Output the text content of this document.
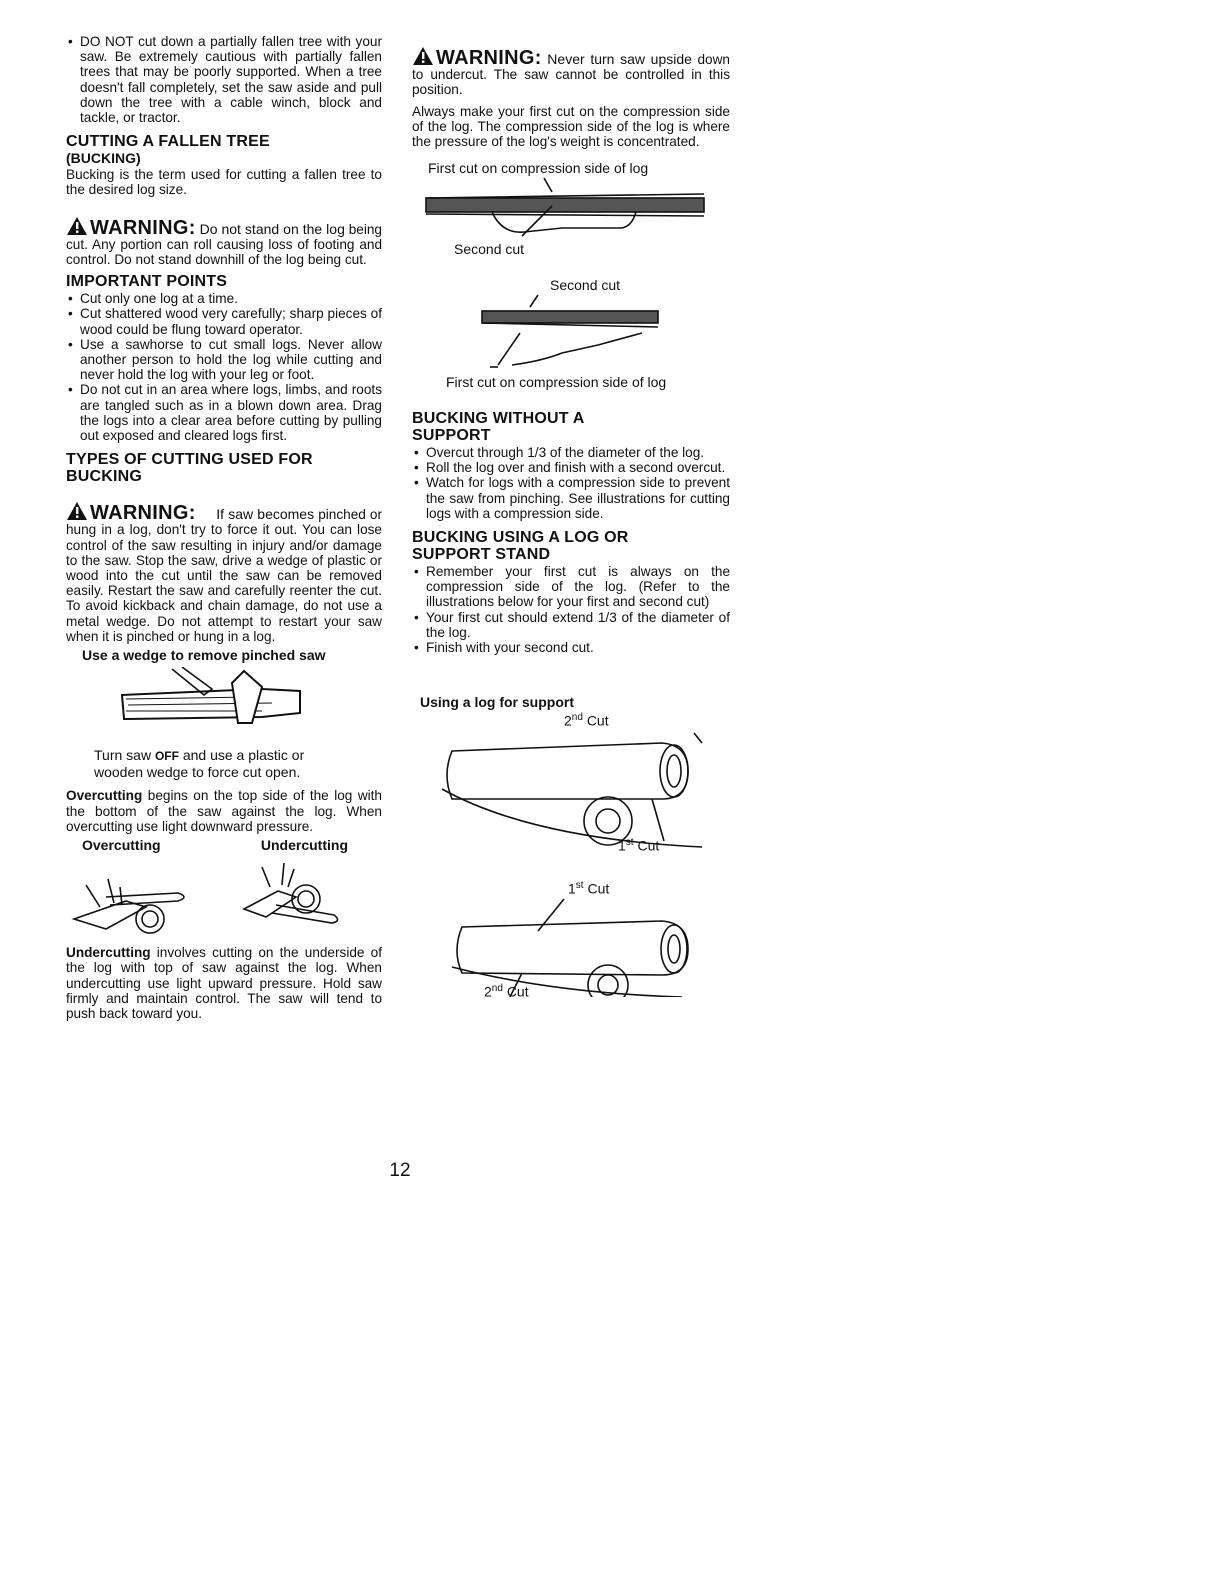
• DO NOT cut down a partially fallen tree with your saw. Be extremely cautious with partially fallen trees that may be poorly supported. When a tree doesn't fall completely, set the saw aside and pull down the tree with a cable winch, block and tackle, or tractor.
CUTTING A FALLEN TREE
(BUCKING)

Bucking is the term used for cutting a fallen tree to the desired log size.

WARNING: Do not stand on the log being cut. Any portion can roll causing loss of footing and control. Do not stand downhill of the log being cut.
IMPORTANT POINTS
• Cut only one log at a time.
• Cut shattered wood very carefully; sharp pieces of wood could be flung toward operator.
• Use a sawhorse to cut small logs. Never allow another person to hold the log while cutting and never hold the log with your leg or foot.
• Do not cut in an area where logs, limbs, and roots are tangled such as in a blown down area. Drag the logs into a clear area before cutting by pulling out exposed and cleared logs first.
TYPES OF CUTTING USED FOR BUCKING
WARNING: If saw becomes pinched or hung in a log, don't try to force it out. You can lose control of the saw resulting in injury and/or damage to the saw. Stop the saw, drive a wedge of plastic or wood into the cut until the saw can be removed easily. Restart the saw and carefully reenter the cut. To avoid kickback and chain damage, do not use a metal wedge. Do not attempt to restart your saw when it is pinched or hung in a log.
Use a wedge to remove pinched saw

Turn saw OFF and use a plastic or wooden wedge to force cut open.

Overcutting begins on the top side of the log with the bottom of the saw against the log. When overcutting use light downward pressure.

Overcutting	Undercutting

Undercutting involves cutting on the underside of the log with top of saw against the log. When undercutting use light upward pressure. Hold saw firmly and maintain control. The saw will tend to push back toward you.

WARNING: Never turn saw upside down to undercut. The saw cannot be controlled in this position.

Always make your first cut on the compression side of the log. The compression side of the log is where the pressure of the log's weight is concentrated.

First cut on compression side of log
Second cut
Second cut
First cut on compression side of log
BUCKING WITHOUT A SUPPORT
• Overcut through 1/3 of the diameter of the log.
• Roll the log over and finish with a second overcut.
• Watch for logs with a compression side to prevent the saw from pinching. See illustrations for cutting logs with a compression side.
BUCKING USING A LOG OR SUPPORT STAND
• Remember your first cut is always on the compression side of the log. (Refer to the illustrations below for your first and second cut)
• Your first cut should extend 1/3 of the diameter of the log.
• Finish with your second cut.
Using a log for support
2nd Cut
1st Cut
1st Cut
2nd Cut
12
